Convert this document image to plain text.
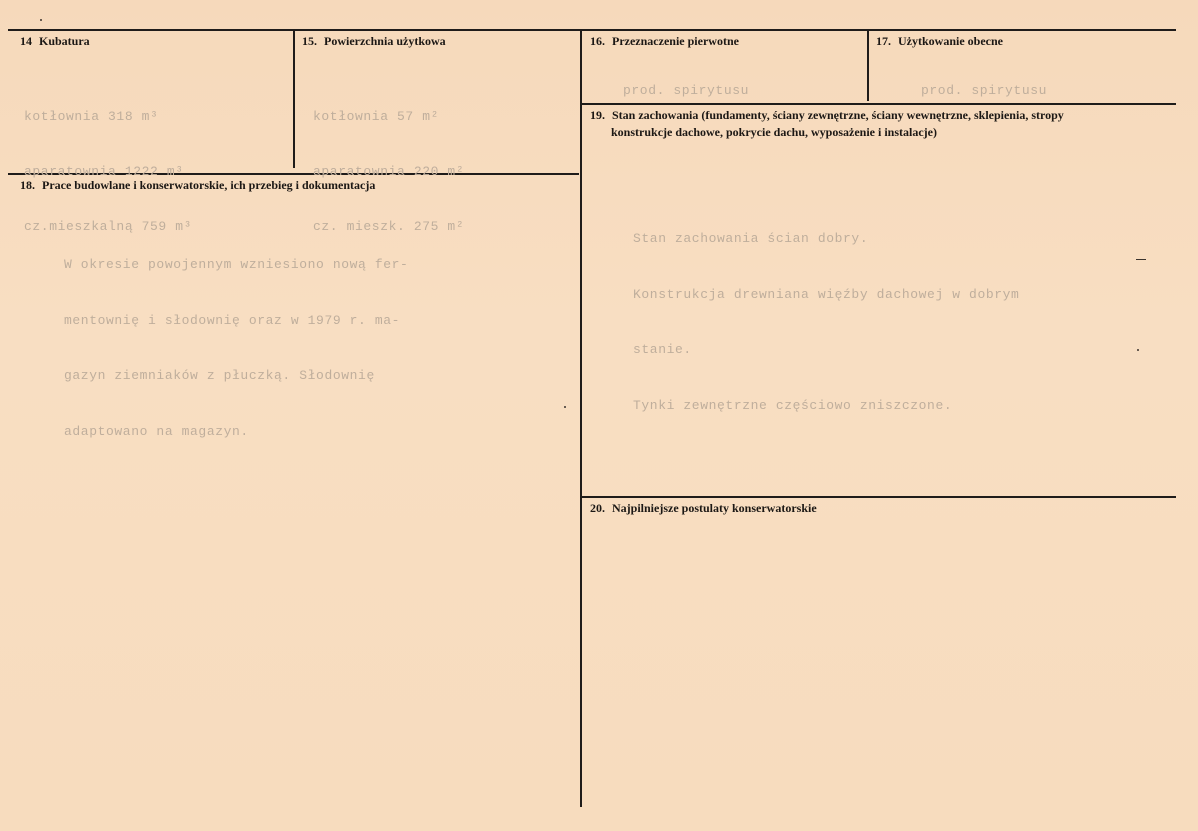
14 Kubatura

kotłownia 318 m³

aparatownia 1222 m³

cz.mieszkalną 759 m³

15. Powierzchnia użytkowa

kotłownia 57 m²

aparatownia 220 m²

cz. mieszk. 275 m²

16. Przeznaczenie pierwotne

prod. spirytusu

17. Użytkowanie obecne

prod. spirytusu

18. Prace budowlane i konserwatorskie, ich przebieg i dokumentacja

W okresie powojennym wzniesiono nową fer-

mentownię i słodownię oraz w 1979 r. ma-

gazyn ziemniaków z płuczką. Słodownię

adaptowano na magazyn.

19. Stan zachowania (fundamenty, ściany zewnętrzne, ściany wewnętrzne, sklepienia, stropy
konstrukcje dachowe, pokrycie dachu, wyposażenie i instalacje)

Stan zachowania ścian dobry.

Konstrukcja drewniana więźby dachowej w dobrym

stanie.

Tynki zewnętrzne częściowo zniszczone.

20. Najpilniejsze postulaty konserwatorskie
